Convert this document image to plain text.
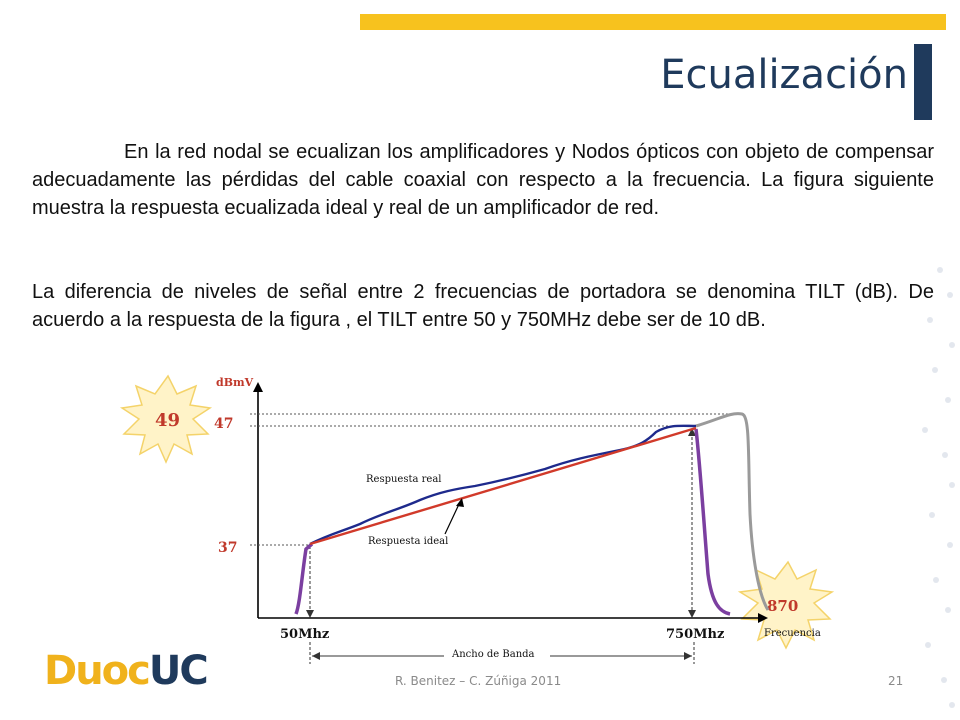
Ecualización
En la red nodal se ecualizan los amplificadores y Nodos ópticos con objeto de compensar adecuadamente las pérdidas del cable coaxial con respecto a la frecuencia. La figura siguiente muestra la respuesta ecualizada ideal y real de un amplificador de red.
La diferencia de niveles de señal entre 2 frecuencias de portadora se denomina TILT (dB). De acuerdo a la respuesta de la figura , el TILT entre 50 y 750MHz debe ser de 10 dB.
49
870
dBmV
47
37
Respuesta real
Respuesta ideal
50Mhz	750Mhz	Frecuencia
Ancho de Banda
DuocUC	R. Benitez – C. Zúñiga 2011	21
